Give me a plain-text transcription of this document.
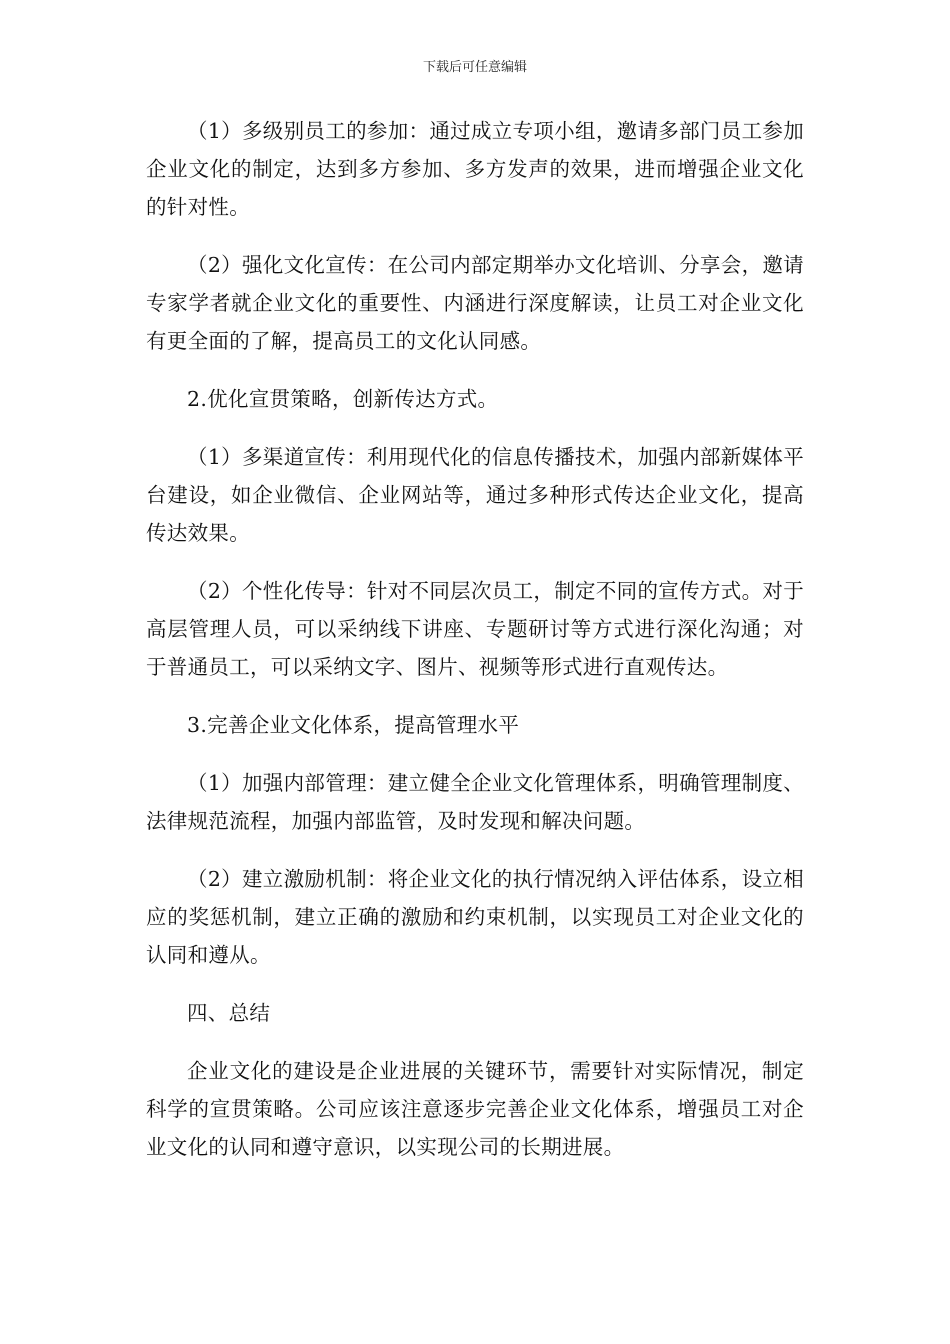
下载后可任意编辑

（1）多级别员工的参加：通过成立专项小组，邀请多部门员工参加企业文化的制定，达到多方参加、多方发声的效果，进而增强企业文化的针对性。

（2）强化文化宣传：在公司内部定期举办文化培训、分享会，邀请专家学者就企业文化的重要性、内涵进行深度解读，让员工对企业文化有更全面的了解，提高员工的文化认同感。

2.优化宣贯策略，创新传达方式。

（1）多渠道宣传：利用现代化的信息传播技术，加强内部新媒体平台建设，如企业微信、企业网站等，通过多种形式传达企业文化，提高传达效果。

（2）个性化传导：针对不同层次员工，制定不同的宣传方式。对于高层管理人员，可以采纳线下讲座、专题研讨等方式进行深化沟通；对于普通员工，可以采纳文字、图片、视频等形式进行直观传达。

3.完善企业文化体系，提高管理水平

（1）加强内部管理：建立健全企业文化管理体系，明确管理制度、法律规范流程，加强内部监管，及时发现和解决问题。

（2）建立激励机制：将企业文化的执行情况纳入评估体系，设立相应的奖惩机制，建立正确的激励和约束机制，以实现员工对企业文化的认同和遵从。

四、总结

企业文化的建设是企业进展的关键环节，需要针对实际情况，制定科学的宣贯策略。公司应该注意逐步完善企业文化体系，增强员工对企业文化的认同和遵守意识，以实现公司的长期进展。
